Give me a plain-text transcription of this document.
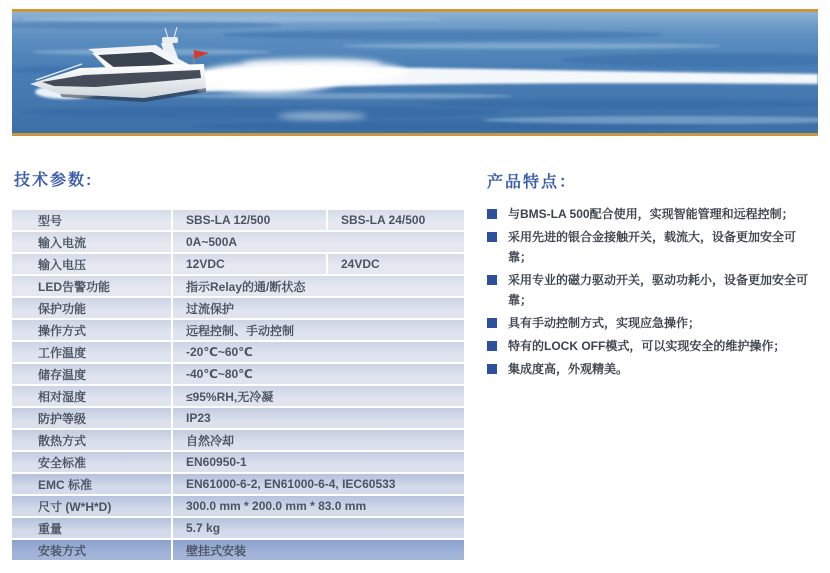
技术参数:
型号	SBS-LA 12/500	SBS-LA 24/500
输入电流	0A~500A
输入电压	12VDC	24VDC
LED告警功能	指示Relay的通/断状态
保护功能	过流保护
操作方式	远程控制、手动控制
工作温度	-20℃~60℃
储存温度	-40℃~80℃
相对湿度	≤95%RH,无冷凝
防护等级	IP23
散热方式	自然冷却
安全标准	EN60950-1
EMC 标准	EN61000-6-2, EN61000-6-4, IEC60533
尺寸 (W*H*D)	300.0 mm * 200.0 mm * 83.0 mm
重量	5.7 kg
安装方式	壁挂式安装
产品特点：
与BMS-LA 500配合使用，实现智能管理和远程控制；
采用先进的银合金接触开关，载流大，设备更加安全可靠；
采用专业的磁力驱动开关，驱动功耗小，设备更加安全可靠；
具有手动控制方式，实现应急操作；
特有的LOCK OFF模式，可以实现安全的维护操作；
集成度高，外观精美。
